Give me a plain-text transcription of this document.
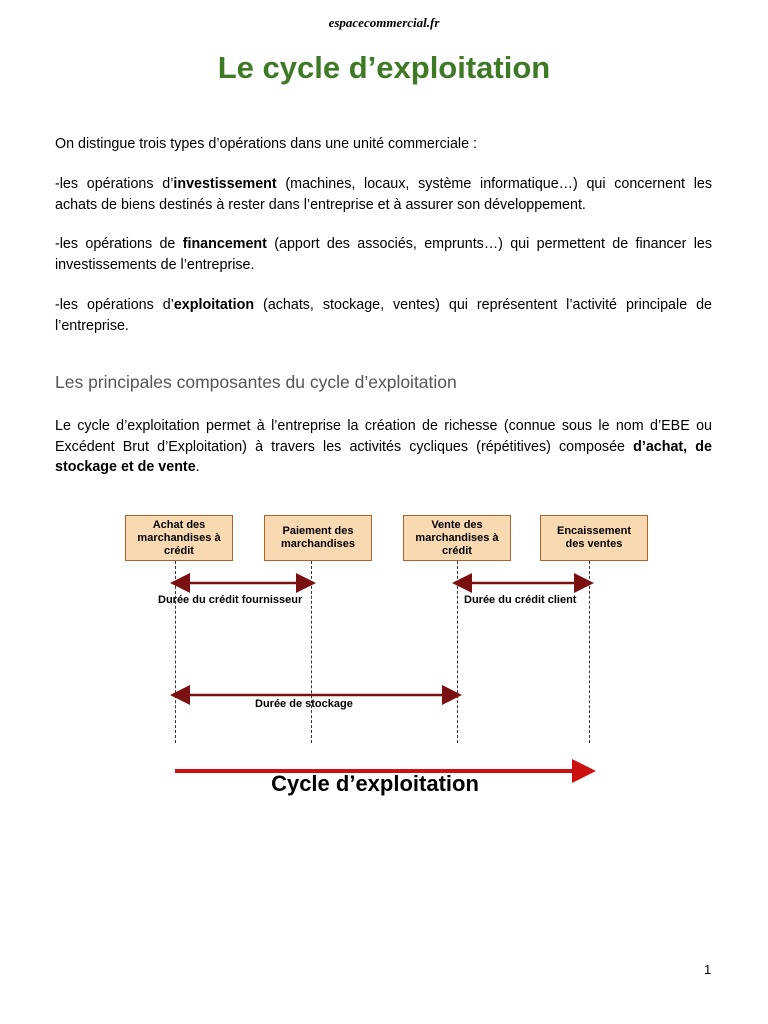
espacecommercial.fr
Le cycle d’exploitation

On distingue trois types d’opérations dans une unité commerciale :

-les opérations d’investissement (machines, locaux, système informatique…) qui concernent les achats de biens destinés à rester dans l’entreprise et à assurer son développement.

-les opérations de financement (apport des associés, emprunts…) qui permettent de financer les investissements de l’entreprise.

-les opérations d’exploitation (achats, stockage, ventes) qui représentent l’activité principale de l’entreprise.

Les principales composantes du cycle d’exploitation

Le cycle d’exploitation permet à l’entreprise la création de richesse (connue sous le nom d’EBE ou Excédent Brut d’Exploitation) à travers les activités cycliques (répétitives) composée d’achat, de stockage et de vente.

Achat des
marchandises à
crédit
Paiement des
marchandises
Vente des
marchandises à
crédit
Encaissement
des ventes
Durée du crédit fournisseur	Durée du crédit client
Durée de stockage
Cycle d’exploitation
1
